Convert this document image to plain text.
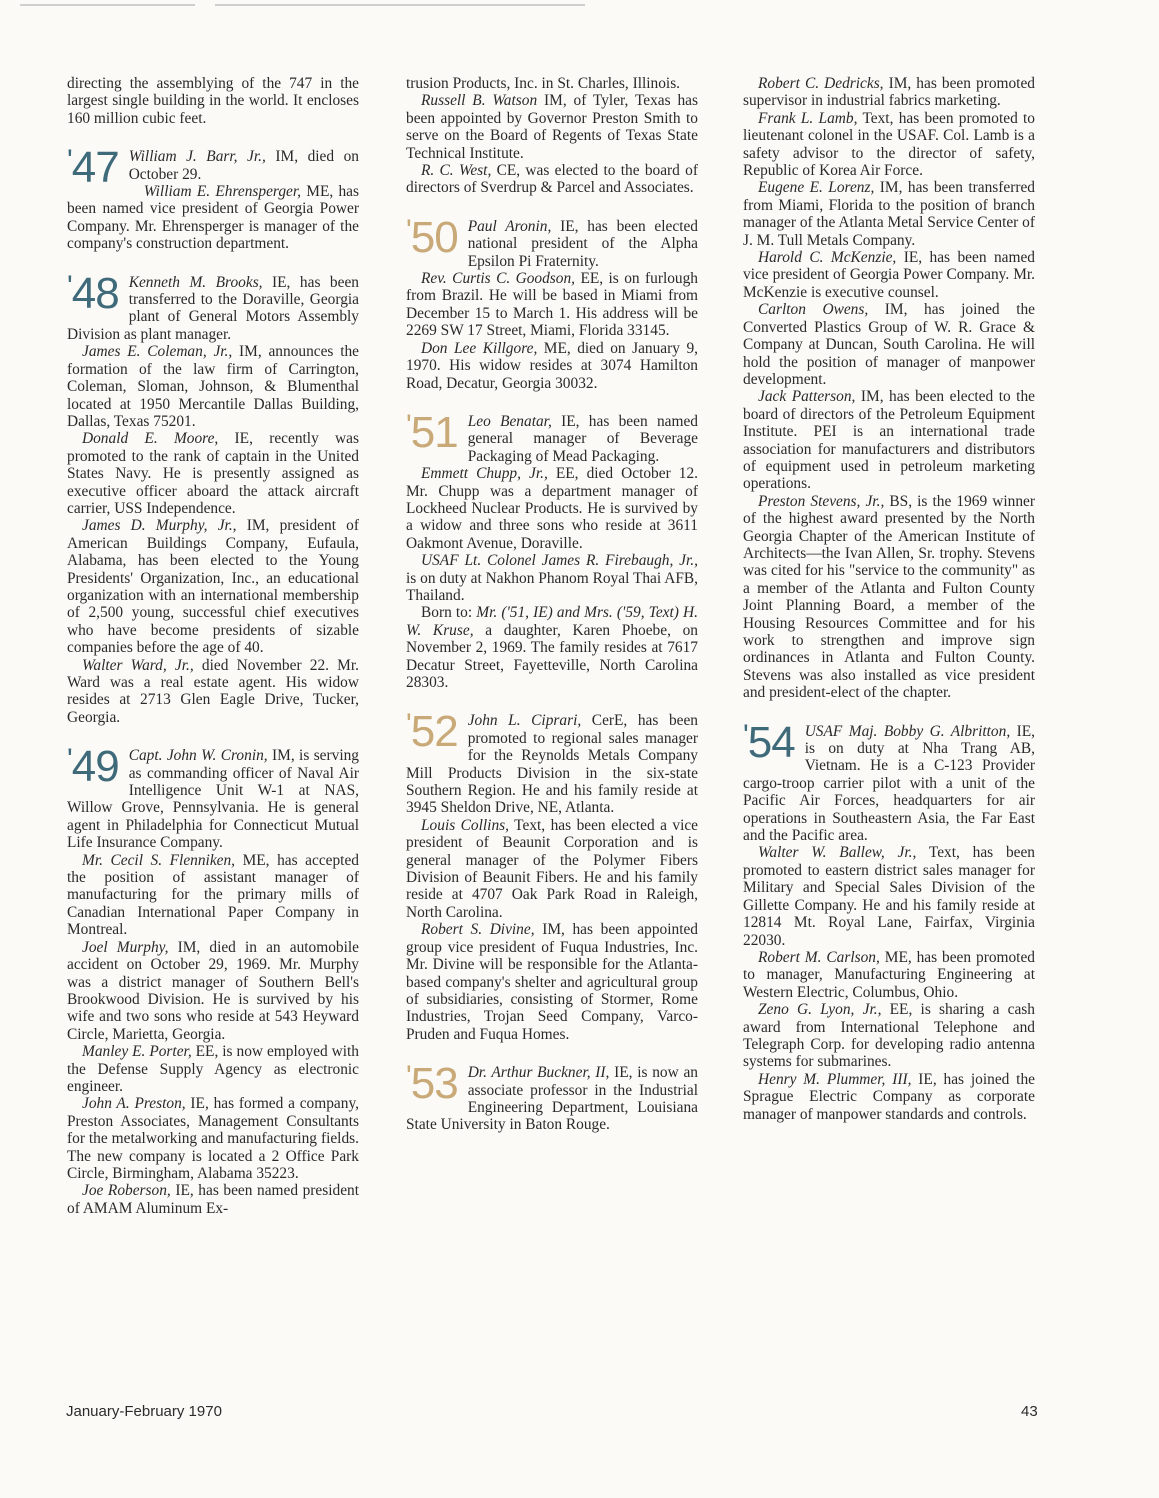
directing the assemblying of the 747 in the largest single building in the world. It encloses 160 million cubic feet.

'47 William J. Barr, Jr., IM, died on October 29.

William E. Ehrensperger, ME, has been named vice president of Georgia Power Company. Mr. Ehrensperger is manager of the company's construction department.

'48 Kenneth M. Brooks, IE, has been transferred to the Doraville, Georgia plant of General Motors Assembly Division as plant manager.

James E. Coleman, Jr., IM, announces the formation of the law firm of Carrington, Coleman, Sloman, Johnson, & Blumenthal located at 1950 Mercantile Dallas Building, Dallas, Texas 75201.

Donald E. Moore, IE, recently was promoted to the rank of captain in the United States Navy. He is presently assigned as executive officer aboard the attack aircraft carrier, USS Independence.

James D. Murphy, Jr., IM, president of American Buildings Company, Eufaula, Alabama, has been elected to the Young Presidents' Organization, Inc., an educational organization with an international membership of 2,500 young, successful chief executives who have become presidents of sizable companies before the age of 40.

Walter Ward, Jr., died November 22. Mr. Ward was a real estate agent. His widow resides at 2713 Glen Eagle Drive, Tucker, Georgia.

'49 Capt. John W. Cronin, IM, is serving as commanding officer of Naval Air Intelligence Unit W-1 at NAS, Willow Grove, Pennsylvania. He is general agent in Philadelphia for Connecticut Mutual Life Insurance Company.

Mr. Cecil S. Flenniken, ME, has accepted the position of assistant manager of manufacturing for the primary mills of Canadian International Paper Company in Montreal.

Joel Murphy, IM, died in an automobile accident on October 29, 1969. Mr. Murphy was a district manager of Southern Bell's Brookwood Division. He is survived by his wife and two sons who reside at 543 Heyward Circle, Marietta, Georgia.

Manley E. Porter, EE, is now employed with the Defense Supply Agency as electronic engineer.

John A. Preston, IE, has formed a company, Preston Associates, Management Consultants for the metalworking and manufacturing fields. The new company is located a 2 Office Park Circle, Birmingham, Alabama 35223.

Joe Roberson, IE, has been named president of AMAM Aluminum Ex-

trusion Products, Inc. in St. Charles, Illinois.

Russell B. Watson IM, of Tyler, Texas has been appointed by Governor Preston Smith to serve on the Board of Regents of Texas State Technical Institute.

R. C. West, CE, was elected to the board of directors of Sverdrup & Parcel and Associates.

'50 Paul Aronin, IE, has been elected national president of the Alpha Epsilon Pi Fraternity.

Rev. Curtis C. Goodson, EE, is on furlough from Brazil. He will be based in Miami from December 15 to March 1. His address will be 2269 SW 17 Street, Miami, Florida 33145.

Don Lee Killgore, ME, died on January 9, 1970. His widow resides at 3074 Hamilton Road, Decatur, Georgia 30032.

'51 Leo Benatar, IE, has been named general manager of Beverage Packaging of Mead Packaging.

Emmett Chupp, Jr., EE, died October 12. Mr. Chupp was a department manager of Lockheed Nuclear Products. He is survived by a widow and three sons who reside at 3611 Oakmont Avenue, Doraville.

USAF Lt. Colonel James R. Firebaugh, Jr., is on duty at Nakhon Phanom Royal Thai AFB, Thailand.

Born to: Mr. ('51, IE) and Mrs. ('59, Text) H. W. Kruse, a daughter, Karen Phoebe, on November 2, 1969. The family resides at 7617 Decatur Street, Fayetteville, North Carolina 28303.

'52 John L. Ciprari, CerE, has been promoted to regional sales manager for the Reynolds Metals Company Mill Products Division in the six-state Southern Region. He and his family reside at 3945 Sheldon Drive, NE, Atlanta.

Louis Collins, Text, has been elected a vice president of Beaunit Corporation and is general manager of the Polymer Fibers Division of Beaunit Fibers. He and his family reside at 4707 Oak Park Road in Raleigh, North Carolina.

Robert S. Divine, IM, has been appointed group vice president of Fuqua Industries, Inc. Mr. Divine will be responsible for the Atlanta-based company's shelter and agricultural group of subsidiaries, consisting of Stormer, Rome Industries, Trojan Seed Company, Varco-Pruden and Fuqua Homes.

'53 Dr. Arthur Buckner, II, IE, is now an associate professor in the Industrial Engineering Department, Louisiana State University in Baton Rouge.

Robert C. Dedricks, IM, has been promoted supervisor in industrial fabrics marketing.

Frank L. Lamb, Text, has been promoted to lieutenant colonel in the USAF. Col. Lamb is a safety advisor to the director of safety, Republic of Korea Air Force.

Eugene E. Lorenz, IM, has been transferred from Miami, Florida to the position of branch manager of the Atlanta Metal Service Center of J. M. Tull Metals Company.

Harold C. McKenzie, IE, has been named vice president of Georgia Power Company. Mr. McKenzie is executive counsel.

Carlton Owens, IM, has joined the Converted Plastics Group of W. R. Grace & Company at Duncan, South Carolina. He will hold the position of manager of manpower development.

Jack Patterson, IM, has been elected to the board of directors of the Petroleum Equipment Institute. PEI is an international trade association for manufacturers and distributors of equipment used in petroleum marketing operations.

Preston Stevens, Jr., BS, is the 1969 winner of the highest award presented by the North Georgia Chapter of the American Institute of Architects—the Ivan Allen, Sr. trophy. Stevens was cited for his "service to the community" as a member of the Atlanta and Fulton County Joint Planning Board, a member of the Housing Resources Committee and for his work to strengthen and improve sign ordinances in Atlanta and Fulton County. Stevens was also installed as vice president and president-elect of the chapter.

'54 USAF Maj. Bobby G. Albritton, IE, is on duty at Nha Trang AB, Vietnam. He is a C-123 Provider cargo-troop carrier pilot with a unit of the Pacific Air Forces, headquarters for air operations in Southeastern Asia, the Far East and the Pacific area.

Walter W. Ballew, Jr., Text, has been promoted to eastern district sales manager for Military and Special Sales Division of the Gillette Company. He and his family reside at 12814 Mt. Royal Lane, Fairfax, Virginia 22030.

Robert M. Carlson, ME, has been promoted to manager, Manufacturing Engineering at Western Electric, Columbus, Ohio.

Zeno G. Lyon, Jr., EE, is sharing a cash award from International Telephone and Telegraph Corp. for developing radio antenna systems for submarines.

Henry M. Plummer, III, IE, has joined the Sprague Electric Company as corporate manager of manpower standards and controls.

January-February 1970	43
